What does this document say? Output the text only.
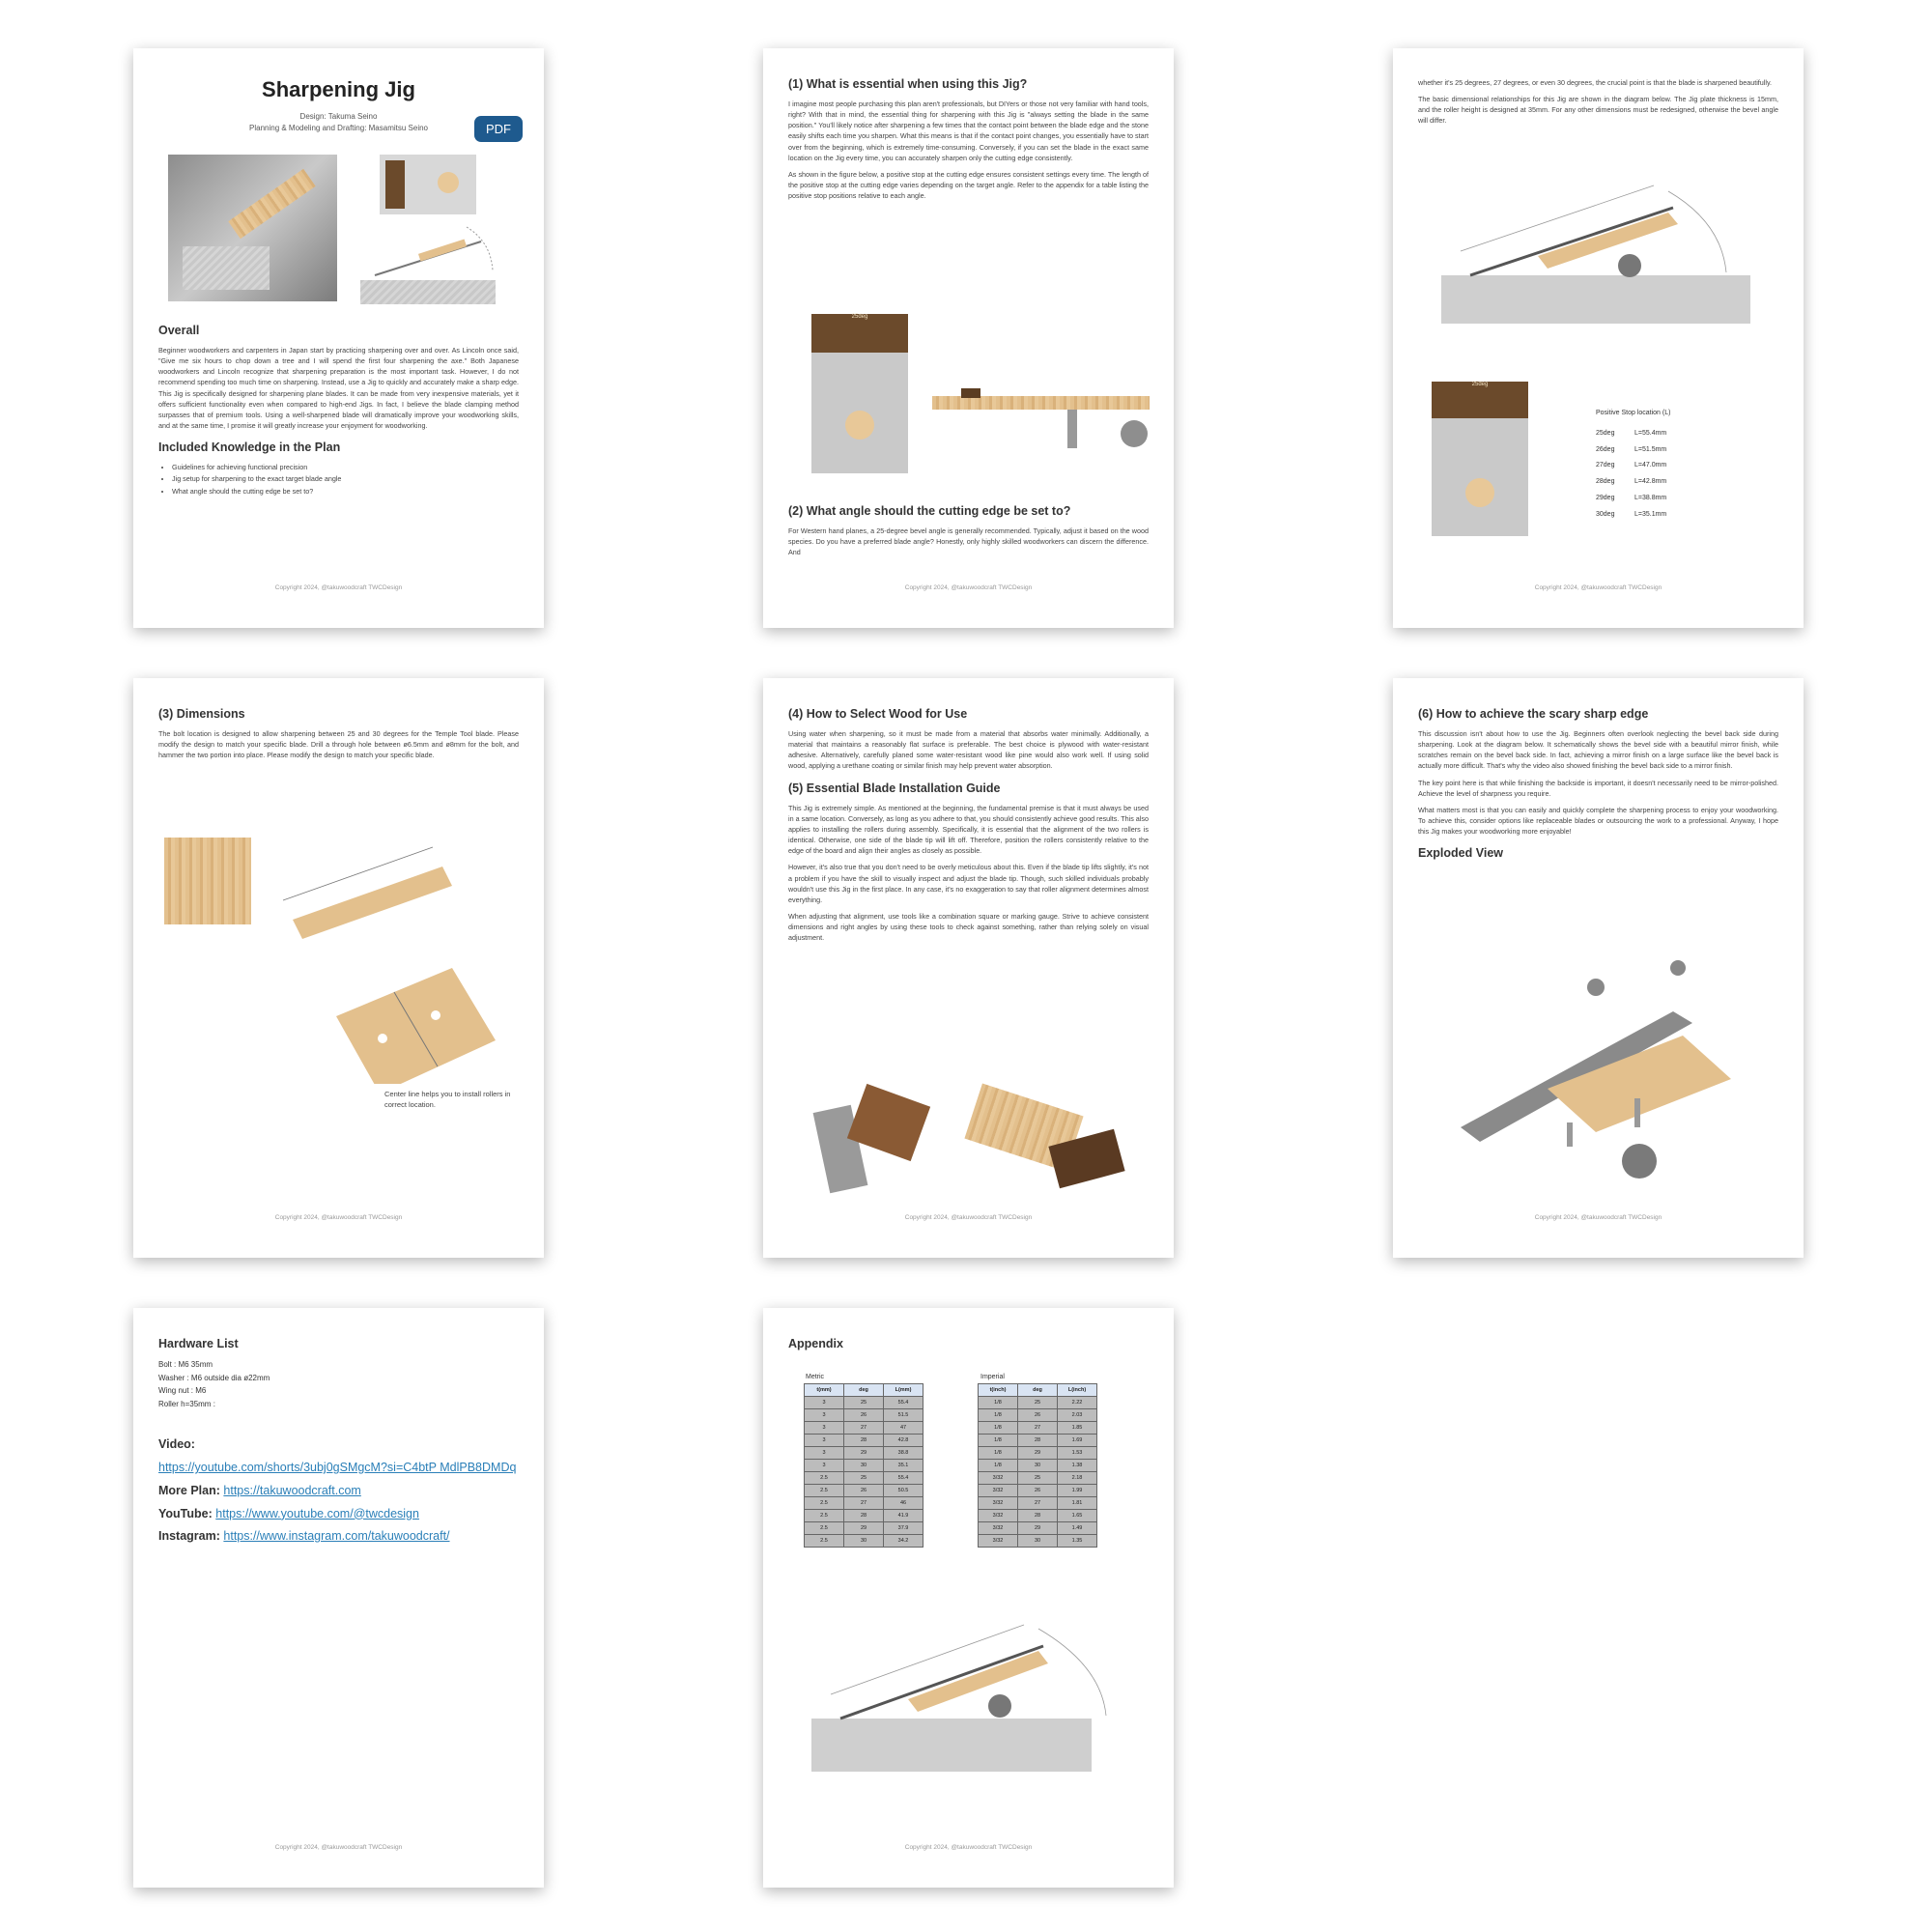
Sharpening Jig
Design: Takuma Seino
Planning & Modeling and Drafting: Masamitsu Seino	PDF
Overall

Beginner woodworkers and carpenters in Japan start by practicing sharpening over and over. As Lincoln once said, "Give me six hours to chop down a tree and I will spend the first four sharpening the axe." Both Japanese woodworkers and Lincoln recognize that sharpening preparation is the most important task. However, I do not recommend spending too much time on sharpening. Instead, use a Jig to quickly and accurately make a sharp edge. This Jig is specifically designed for sharpening plane blades. It can be made from very inexpensive materials, yet it offers sufficient functionality even when compared to high-end Jigs. In fact, I believe the blade clamping method surpasses that of premium tools. Using a well-sharpened blade will dramatically improve your woodworking skills, and at the same time, I promise it will greatly increase your enjoyment for woodworking.

Included Knowledge in the Plan
• Guidelines for achieving functional precision
• Jig setup for sharpening to the exact target blade angle
• What angle should the cutting edge be set to?
Copyright 2024, @takuwoodcraft TWCDesign
(1) What is essential when using this Jig?

I imagine most people purchasing this plan aren't professionals, but DIYers or those not very familiar with hand tools, right? With that in mind, the essential thing for sharpening with this Jig is "always setting the blade in the same position." You'll likely notice after sharpening a few times that the contact point between the blade edge and the stone easily shifts each time you sharpen. What this means is that if the contact point changes, you essentially have to start over from the beginning, which is extremely time-consuming. Conversely, if you can set the blade in the exact same location on the Jig every time, you can accurately sharpen only the cutting edge consistently.

As shown in the figure below, a positive stop at the cutting edge ensures consistent settings every time. The length of the positive stop at the cutting edge varies depending on the target angle. Refer to the appendix for a table listing the positive stop positions relative to each angle.

25deg
(2) What angle should the cutting edge be set to?

For Western hand planes, a 25-degree bevel angle is generally recommended. Typically, adjust it based on the wood species. Do you have a preferred blade angle? Honestly, only highly skilled woodworkers can discern the difference. And

Copyright 2024, @takuwoodcraft TWCDesign

whether it's 25 degrees, 27 degrees, or even 30 degrees, the crucial point is that the blade is sharpened beautifully.

The basic dimensional relationships for this Jig are shown in the diagram below. The Jig plate thickness is 15mm, and the roller height is designed at 35mm. For any other dimensions must be redesigned, otherwise the bevel angle will differ.

25deg
Positive Stop location (L)
25deg	L=55.4mm
26deg	L=51.5mm
27deg	L=47.0mm
28deg	L=42.8mm
29deg	L=38.8mm
30deg	L=35.1mm
Copyright 2024, @takuwoodcraft TWCDesign
(3) Dimensions

The bolt location is designed to allow sharpening between 25 and 30 degrees for the Temple Tool blade. Please modify the design to match your specific blade. Drill a through hole between ø6.5mm and ø8mm for the bolt, and hammer the two portion into place. Please modify the design to match your specific blade.

Center line helps you to install rollers in correct location.
Copyright 2024, @takuwoodcraft TWCDesign
(4) How to Select Wood for Use

Using water when sharpening, so it must be made from a material that absorbs water minimally. Additionally, a material that maintains a reasonably flat surface is preferable. The best choice is plywood with water-resistant adhesive. Alternatively, carefully planed some water-resistant wood like pine would also work well. If using solid wood, applying a urethane coating or similar finish may help prevent water absorption.

(5) Essential Blade Installation Guide

This Jig is extremely simple. As mentioned at the beginning, the fundamental premise is that it must always be used in a same location. Conversely, as long as you adhere to that, you should consistently achieve good results. This also applies to installing the rollers during assembly. Specifically, it is essential that the alignment of the two rollers is identical. Otherwise, one side of the blade tip will lift off. Therefore, position the rollers consistently relative to the edge of the board and align their angles as closely as possible.

However, it's also true that you don't need to be overly meticulous about this. Even if the blade tip lifts slightly, it's not a problem if you have the skill to visually inspect and adjust the blade tip. Though, such skilled individuals probably wouldn't use this Jig in the first place. In any case, it's no exaggeration to say that roller alignment determines almost everything.

When adjusting that alignment, use tools like a combination square or marking gauge. Strive to achieve consistent dimensions and right angles by using these tools to check against something, rather than relying solely on visual adjustment.

Copyright 2024, @takuwoodcraft TWCDesign
(6) How to achieve the scary sharp edge

This discussion isn't about how to use the Jig. Beginners often overlook neglecting the bevel back side during sharpening. Look at the diagram below. It schematically shows the bevel side with a beautiful mirror finish, while scratches remain on the bevel back side. In fact, achieving a mirror finish on a large surface like the bevel back is actually more difficult. That's why the video also showed finishing the bevel back side to a mirror finish.

The key point here is that while finishing the backside is important, it doesn't necessarily need to be mirror-polished. Achieve the level of sharpness you require.

What matters most is that you can easily and quickly complete the sharpening process to enjoy your woodworking. To achieve this, consider options like replaceable blades or outsourcing the work to a professional. Anyway, I hope this Jig makes your woodworking more enjoyable!

Exploded View
Copyright 2024, @takuwoodcraft TWCDesign
Hardware List
Bolt : M6 35mm
Washer : M6 outside dia ø22mm
Wing nut : M6
Roller h=35mm :
Video:
https://youtube.com/shorts/3ubj0gSMgcM?si=C4btP MdlPB8DMDq
More Plan: https://takuwoodcraft.com
YouTube: https://www.youtube.com/@twcdesign
Instagram: https://www.instagram.com/takuwoodcraft/
Copyright 2024, @takuwoodcraft TWCDesign
Appendix
Metric	Imperial
t(mm)	deg	L(mm)
3	25	55.4
3	26	51.5
3	27	47
3	28	42.8
3	29	38.8
3	30	35.1
2.5	25	55.4
2.5	26	50.5
2.5	27	46
2.5	28	41.9
2.5	29	37.9
2.5	30	34.2
t(inch)	deg	L(inch)
1/8	25	2.22
1/8	26	2.03
1/8	27	1.85
1/8	28	1.69
1/8	29	1.53
1/8	30	1.38
3/32	25	2.18
3/32	26	1.99
3/32	27	1.81
3/32	28	1.65
3/32	29	1.49
3/32	30	1.35
Copyright 2024, @takuwoodcraft TWCDesign
